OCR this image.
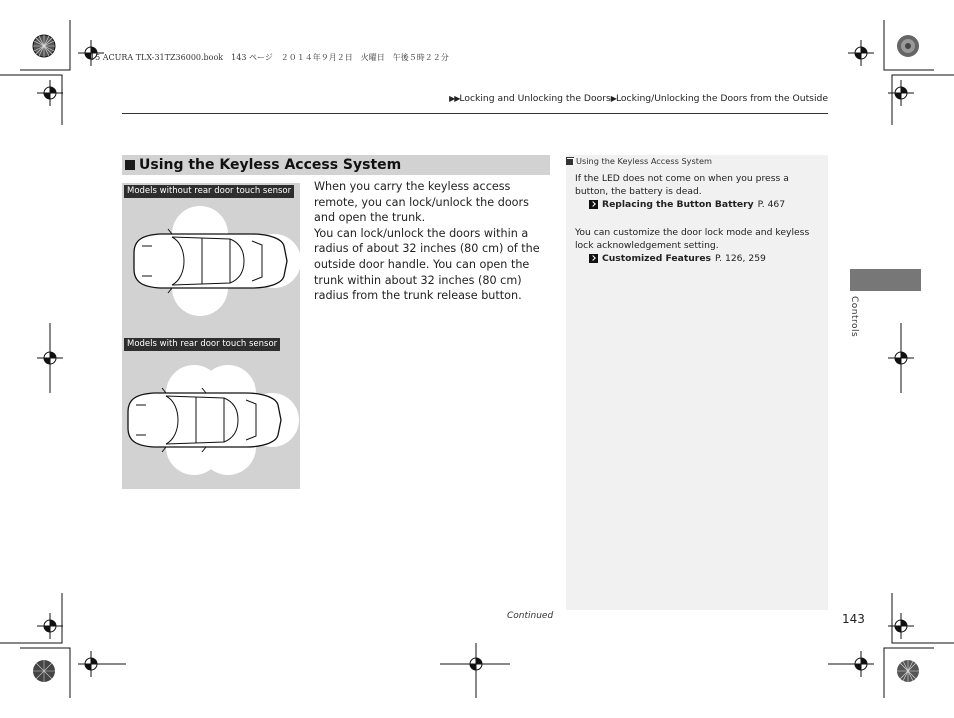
15 ACURA TLX-31TZ36000.book　143 ページ　２０１４年９月２日　火曜日　午後５時２２分
▶▶Locking and Unlocking the Doors▶Locking/Unlocking the Doors from the Outside
Using the Keyless Access System
Models without rear door touch sensor
Models with rear door touch sensor

When you carry the keyless access remote, you can lock/unlock the doors and open the trunk.

You can lock/unlock the doors within a radius of about 32 inches (80 cm) of the outside door handle. You can open the trunk within about 32 inches (80 cm) radius from the trunk release button.

Using the Keyless Access System
If the LED does not come on when you press a button, the battery is dead.
Replacing the Button Battery P. 467
You can customize the door lock mode and keyless lock acknowledgement setting.
Customized Features P. 126, 259
Controls
Continued	143
